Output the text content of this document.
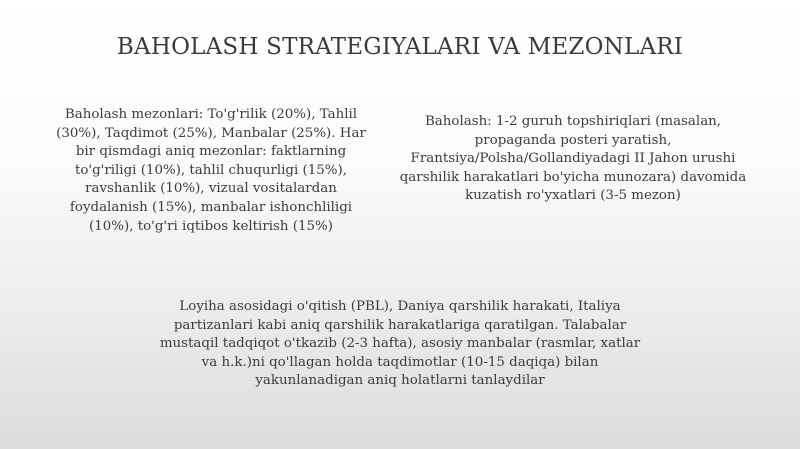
BAHOLASH STRATEGIYALARI VA MEZONLARI

Baholash mezonlari: To'g'rilik (20%), Tahlil (30%), Taqdimot (25%), Manbalar (25%). Har bir qismdagi aniq mezonlar: faktlarning to'g'riligi (10%), tahlil chuqurligi (15%), ravshanlik (10%), vizual vositalardan foydalanish (15%), manbalar ishonchliligi (10%), to'g'ri iqtibos keltirish (15%)

Baholash: 1-2 guruh topshiriqlari (masalan, propaganda posteri yaratish, Frantsiya/Polsha/Gollandiyadagi II Jahon urushi qarshilik harakatlari bo'yicha munozara) davomida kuzatish ro'yxatlari (3-5 mezon)

Loyiha asosidagi o'qitish (PBL), Daniya qarshilik harakati, Italiya partizanlari kabi aniq qarshilik harakatlariga qaratilgan. Talabalar mustaqil tadqiqot o'tkazib (2-3 hafta), asosiy manbalar (rasmlar, xatlar va h.k.)ni qo'llagan holda taqdimotlar (10-15 daqiqa) bilan yakunlanadigan aniq holatlarni tanlaydilar
